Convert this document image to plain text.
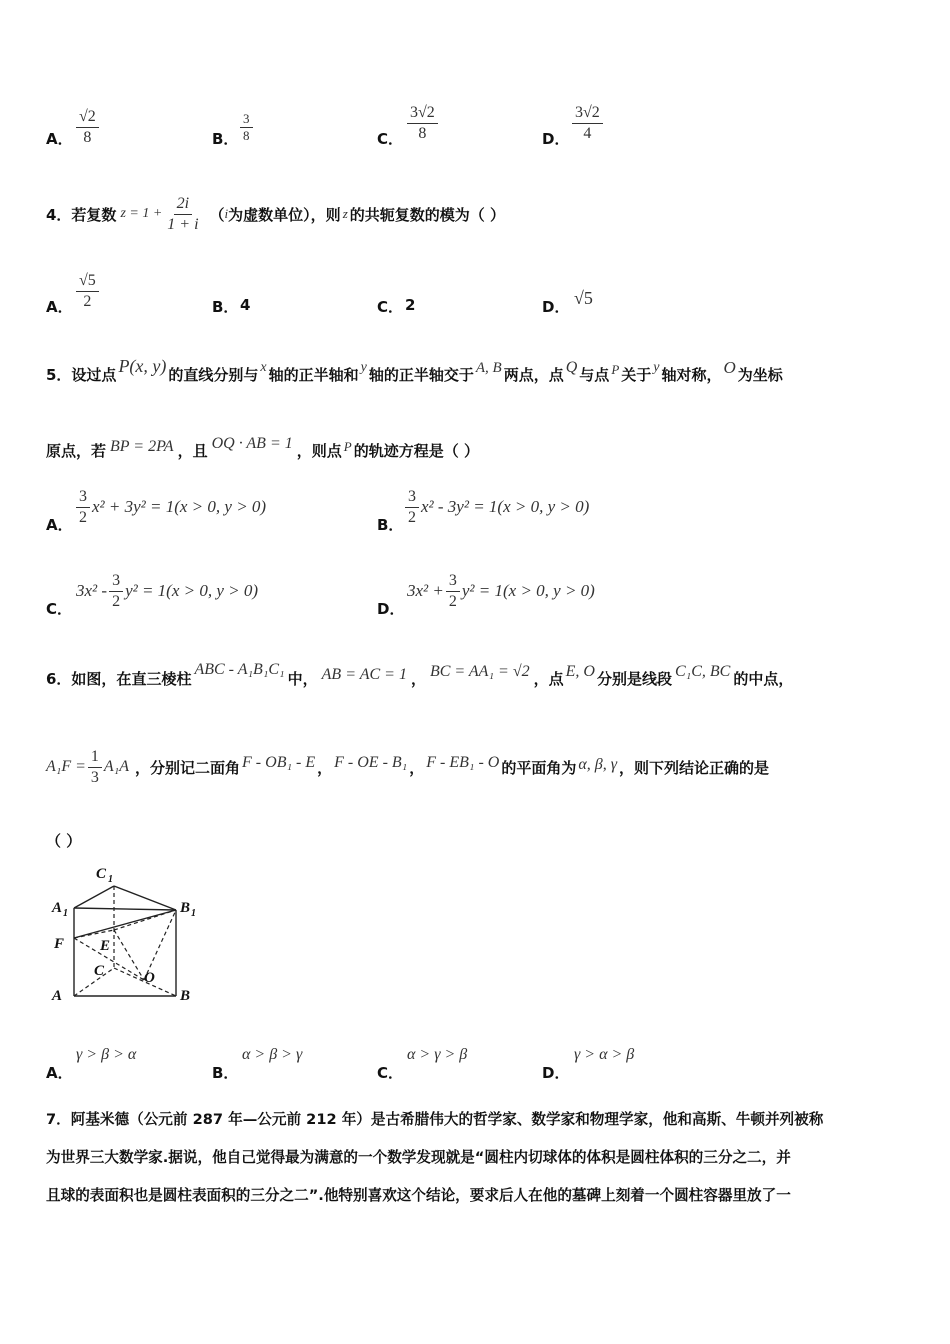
A． $\frac{√2}{8}$	B． $\frac{3}{8}$	C． $\frac{3√2}{8}$	D． $\frac{3√2}{4}$
4．若复数 $z = 1 + \frac{2i}{1 + i}$ （ i 为虚数单位），则 z 的共轭复数的模为（ ）
A． $\frac{√5}{2}$	B． 4	C． 2	D． √5
5．设过点 P(x, y) 的直线分别与 x 轴的正半轴和 y 轴的正半轴交于 A, B 两点，点 Q 与点 P 关于 y 轴对称， O 为坐标
原点，若 BP = 2PA ，且 OQ · AB = 1 ，则点 P 的轨迹方程是（ ）
A． $\frac{3}{2} x^2 + 3y^2 = 1(x > 0$, y > 0)
B． $\frac{3}{2} x^2 - 3y^2 = 1(x > 0$, y > 0)
C．
$3x^2 - \frac{3}{2} y^2 = 1(x > 0$, y > 0)
D．
$3x^2 + \frac{3}{2} y^2 = 1(x > 0$, y > 0)
6．如图，在直三棱柱 ABC - A₁B₁C₁ 中， AB = AC = 1 ， BC = AA₁ = √2 ，点 E, O 分别是线段 C₁C, BC 的中点，
$A_1F = \frac{1}{3} A_1A$ ，分别记二面角 F - OB₁ - E ， F - OE - B₁ ， F - EB₁ - O 的平面角为 α, β, γ ，则下列结论正确的是
（ ）
C 1
A 1	B 1
F E
C	O
A	B
A．
γ > β > α
B．
α > β > γ
C．
α > γ > β
D．
γ > α > β
7．阿基米德（公元前 287 年—公元前 212 年）是古希腊伟大的哲学家、数学家和物理学家，他和高斯、牛顿并列被称
为世界三大数学家.据说，他自己觉得最为满意的一个数学发现就是“圆柱内切球体的体积是圆柱体积的三分之二，并
且球的表面积也是圆柱表面积的三分之二”.他特别喜欢这个结论，要求后人在他的墓碑上刻着一个圆柱容器里放了一
